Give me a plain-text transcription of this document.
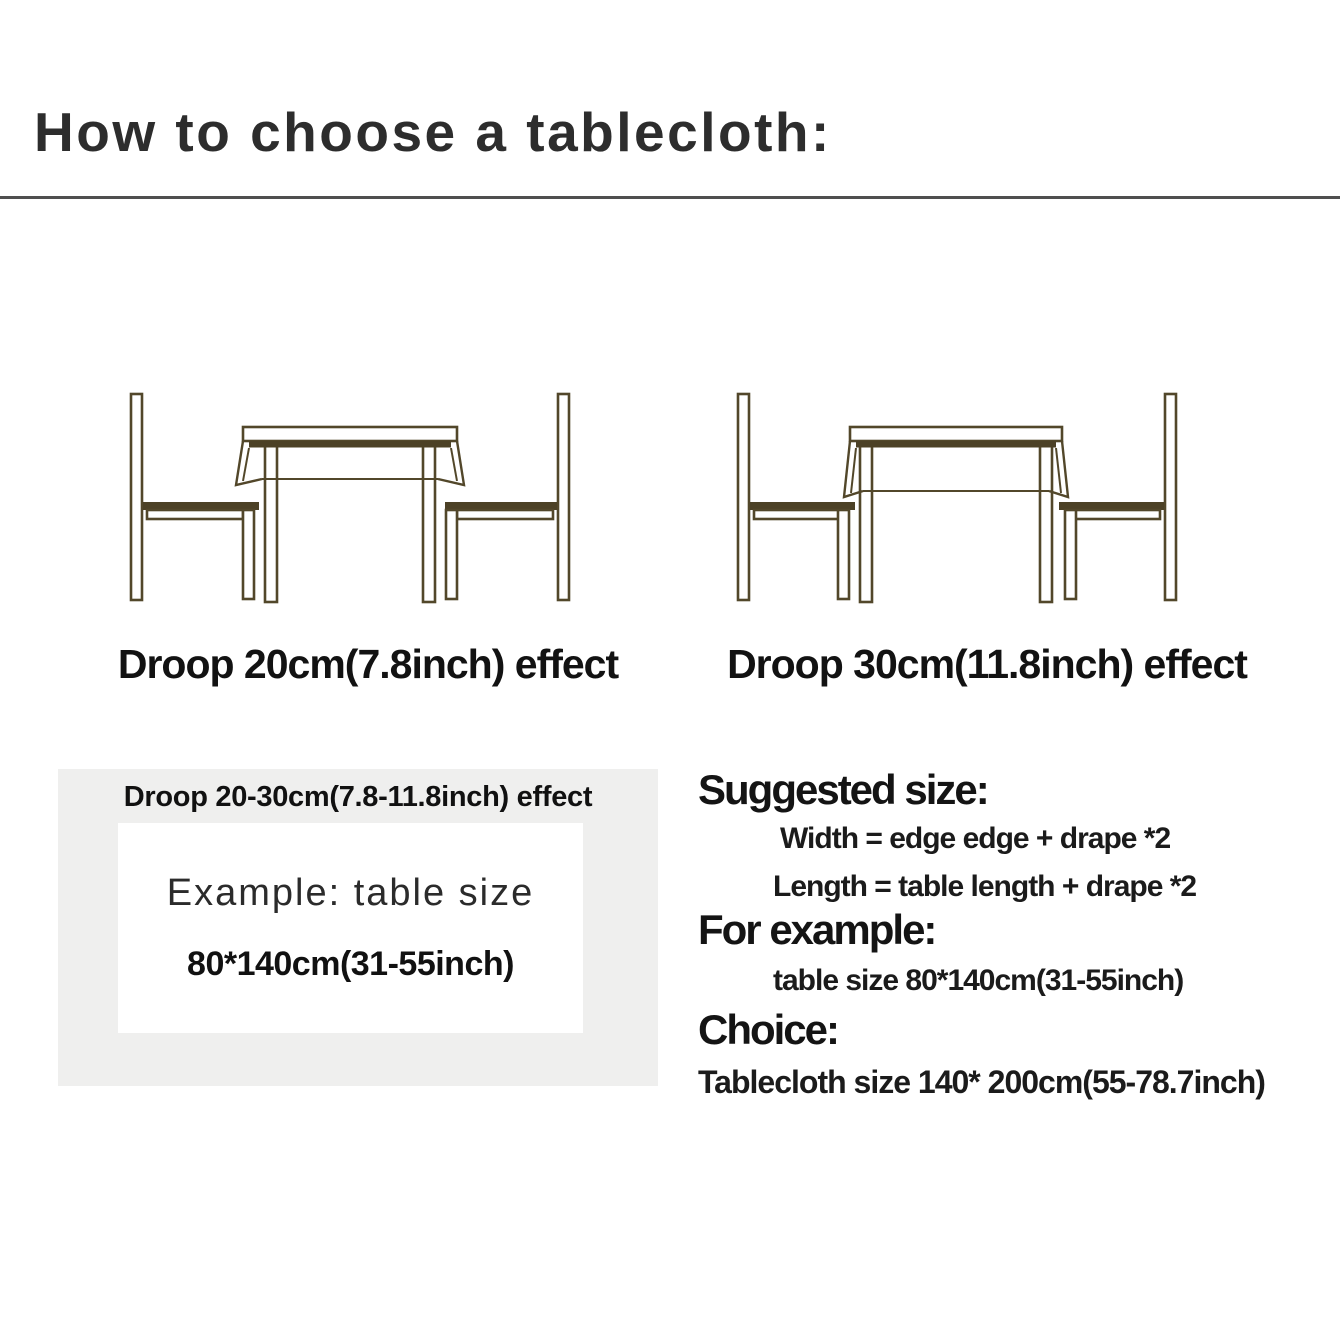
How to choose a tablecloth:
Droop 20cm(7.8inch) effect	Droop 30cm(11.8inch) effect
Droop 20-30cm(7.8-11.8inch) effect
Example: table size
80*140cm(31-55inch)
Suggested size:
Width = edge edge + drape *2
Length = table length + drape *2
For example:
table size 80*140cm(31-55inch)
Choice:
Tablecloth size 140* 200cm(55-78.7inch)
